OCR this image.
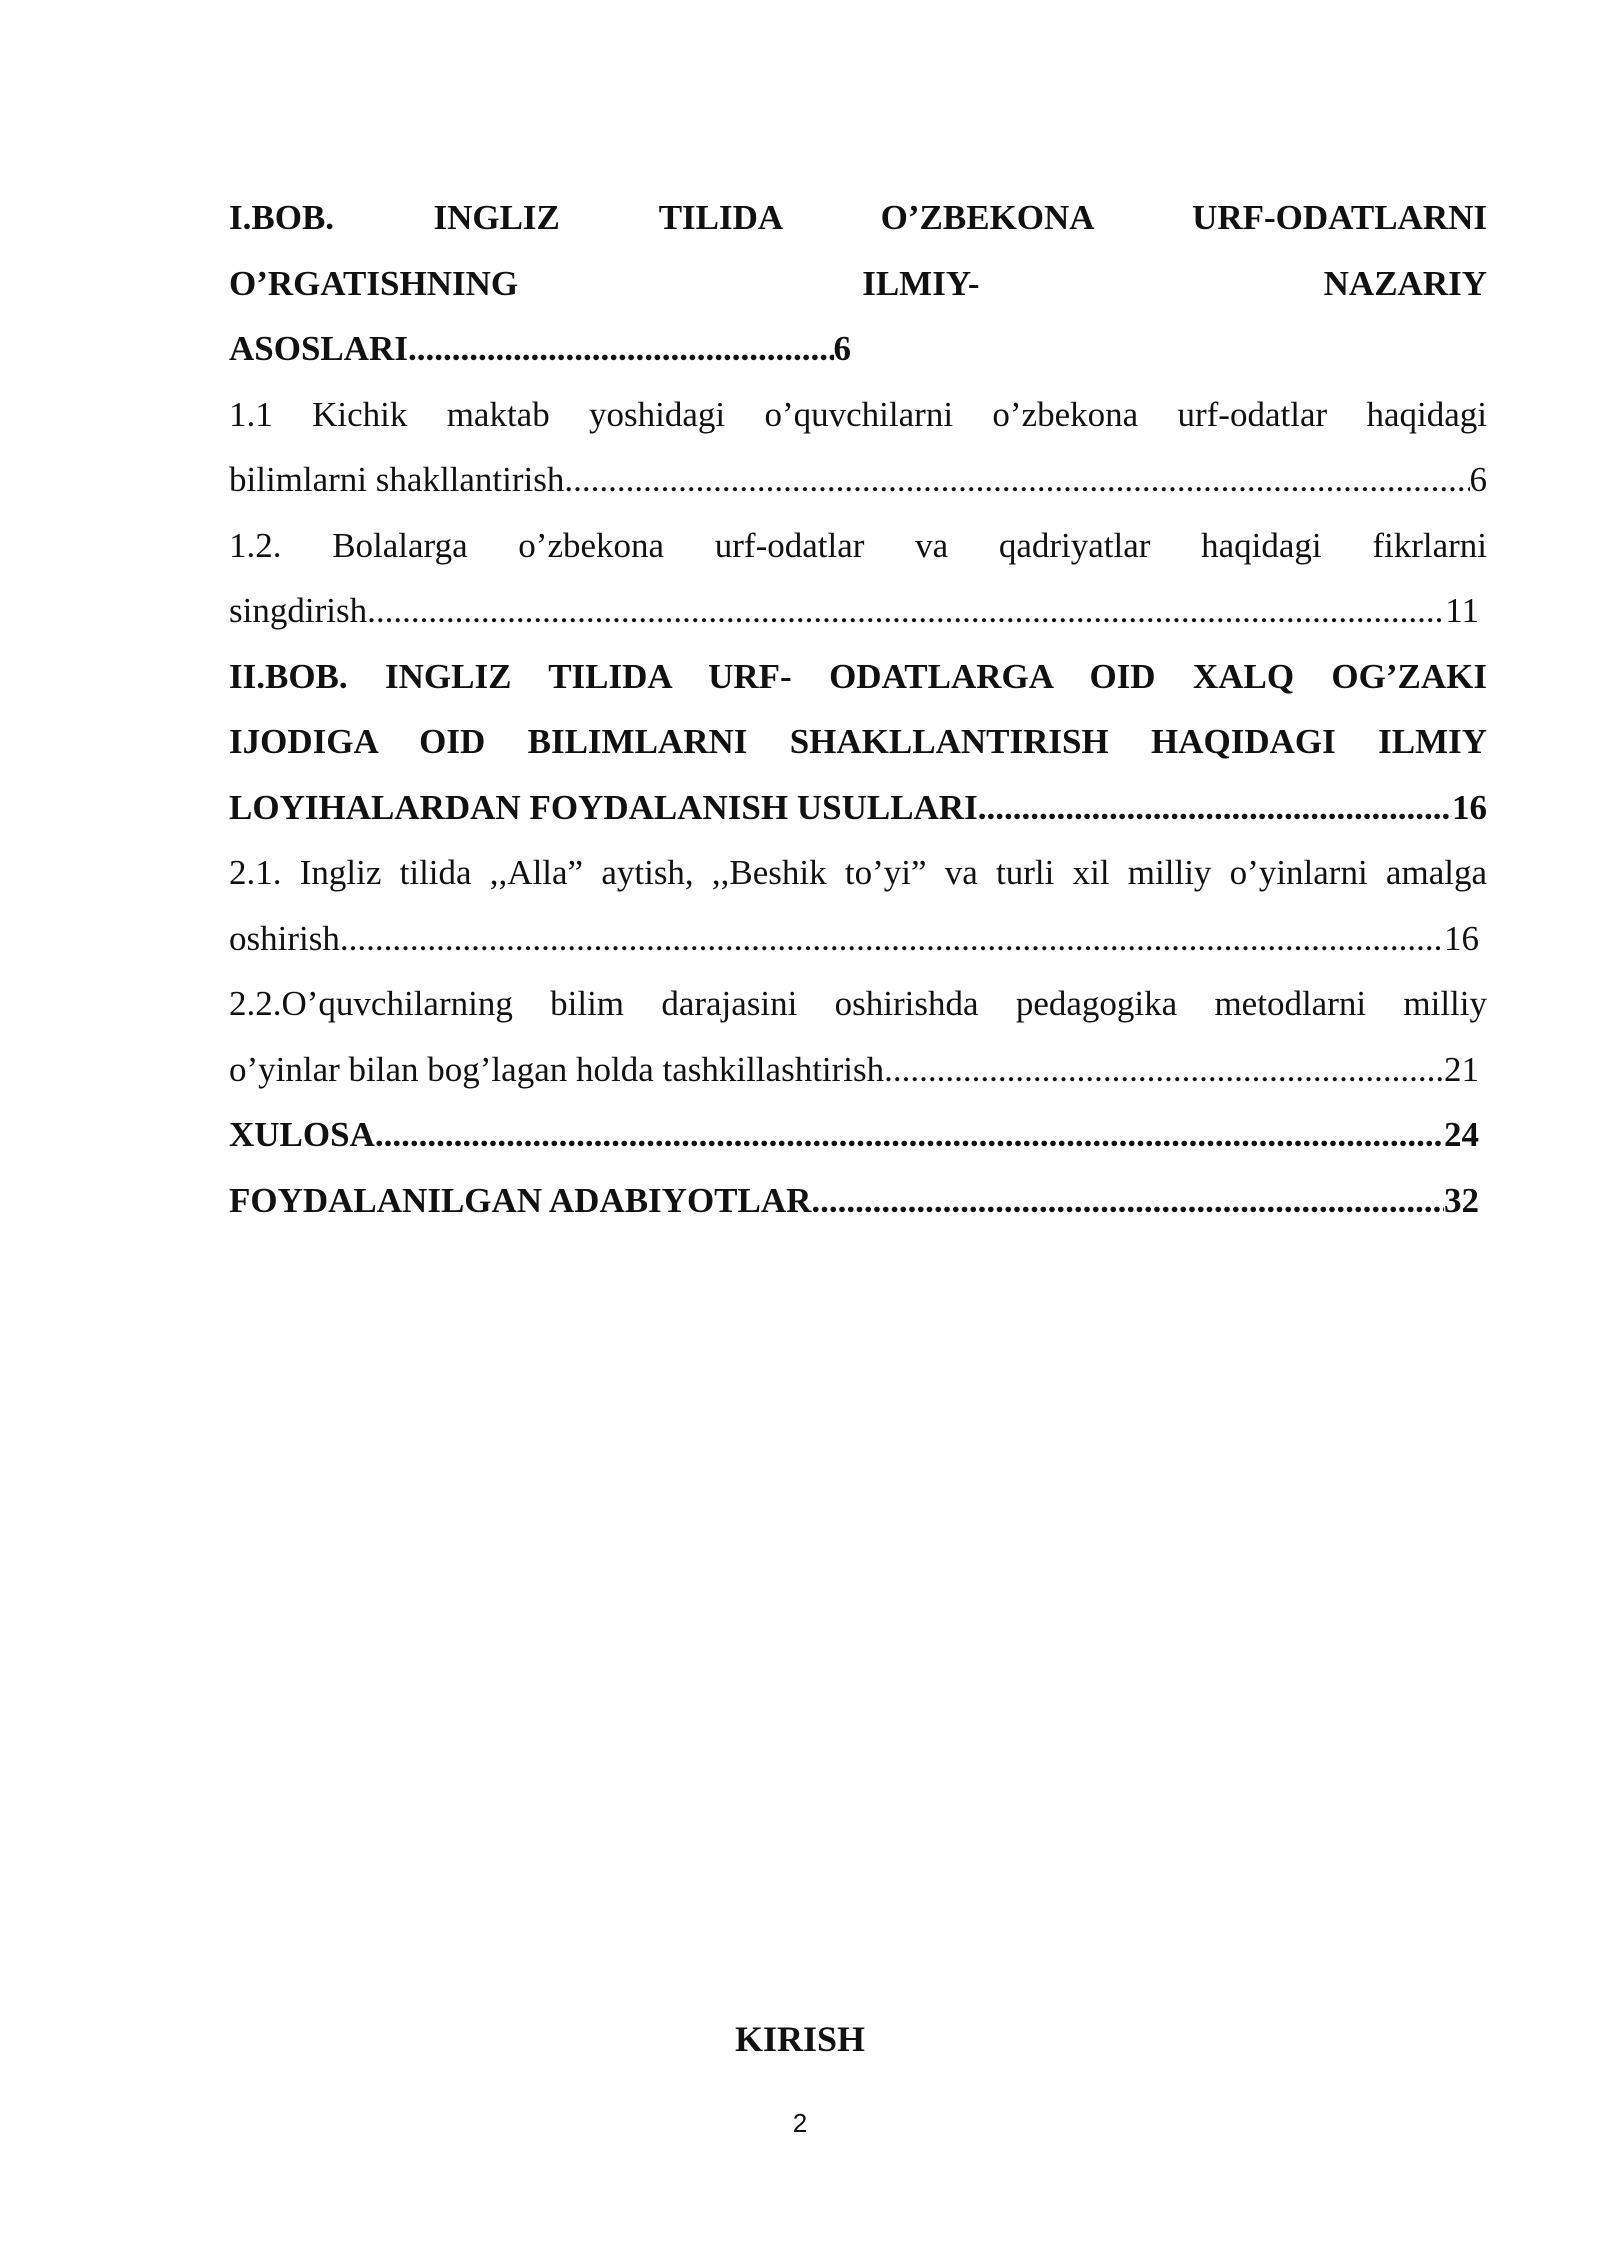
I.BOB. INGLIZ TILIDA O’ZBEKONA URF-ODATLARNI
O’RGATISHNING ILMIY- NAZARIY
ASOSLARI .....	6
1.1 Kichik maktab yoshidagi o’quvchilarni o’zbekona urf-odatlar haqidagi
bilimlarni shakllantirish .....	6
1.2. Bolalarga o’zbekona urf-odatlar va qadriyatlar haqidagi fikrlarni
singdirish .....	11
II.BOB. INGLIZ TILIDA URF- ODATLARGA OID XALQ OG’ZAKI
IJODIGA OID BILIMLARNI SHAKLLANTIRISH HAQIDAGI ILMIY
LOYIHALARDAN FOYDALANISH USULLARI .....	16
2.1. Ingliz tilida ,,Alla” aytish, ,,Beshik to’yi” va turli xil milliy o’yinlarni amalga
oshirish .....	16
2.2.O’quvchilarning bilim darajasini oshirishda pedagogika metodlarni milliy
o’yinlar bilan bog’lagan holda tashkillashtirish .....	21
XULOSA .....	24
FOYDALANILGAN ADABIYOTLAR .....	32
KIRISH
2
